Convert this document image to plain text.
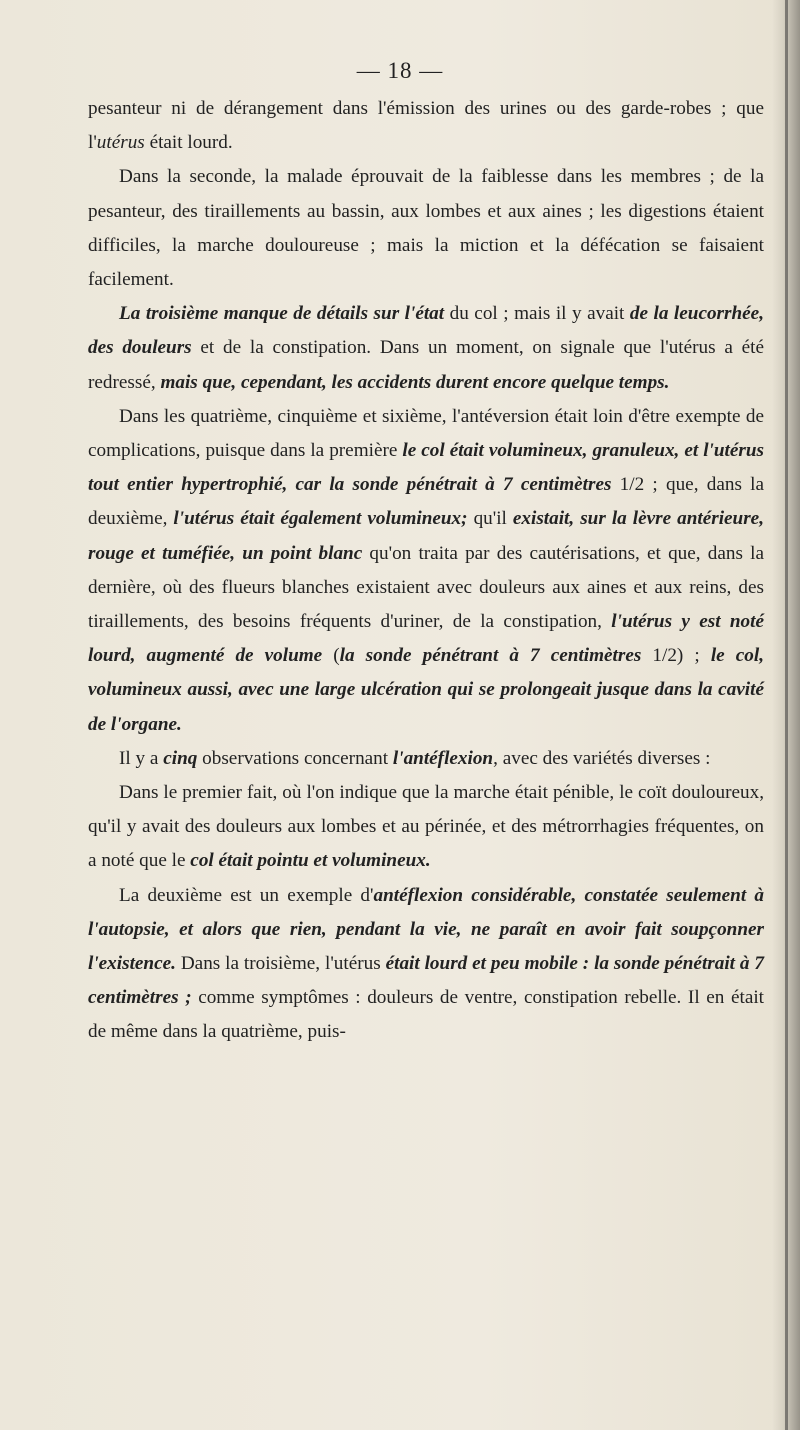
— 18 —

pesanteur ni de dérangement dans l'émission des urines ou des garde-robes ; que l'utérus était lourd.

Dans la seconde, la malade éprouvait de la faiblesse dans les membres ; de la pesanteur, des tiraillements au bassin, aux lombes et aux aines ; les digestions étaient difficiles, la marche douloureuse ; mais la miction et la défécation se faisaient facilement.

La troisième manque de détails sur l'état du col ; mais il y avait de la leucorrhée, des douleurs et de la constipation. Dans un moment, on signale que l'utérus a été redressé, mais que, cependant, les accidents durent encore quelque temps.

Dans les quatrième, cinquième et sixième, l'antéversion était loin d'être exempte de complications, puisque dans la première le col était volumineux, granuleux, et l'utérus tout entier hypertrophié, car la sonde pénétrait à 7 centimètres 1/2 ; que, dans la deuxième, l'utérus était également volumineux; qu'il existait, sur la lèvre antérieure, rouge et tuméfiée, un point blanc qu'on traita par des cautérisations, et que, dans la dernière, où des flueurs blanches existaient avec douleurs aux aines et aux reins, des tiraillements, des besoins fréquents d'uriner, de la constipation, l'utérus y est noté lourd, augmenté de volume (la sonde pénétrant à 7 centimètres 1/2) ; le col, volumineux aussi, avec une large ulcération qui se prolongeait jusque dans la cavité de l'organe.

Il y a cinq observations concernant l'antéflexion, avec des variétés diverses :

Dans le premier fait, où l'on indique que la marche était pénible, le coït douloureux, qu'il y avait des douleurs aux lombes et au périnée, et des métrorrhagies fréquentes, on a noté que le col était pointu et volumineux.

La deuxième est un exemple d'antéflexion considérable, constatée seulement à l'autopsie, et alors que rien, pendant la vie, ne paraît en avoir fait soupçonner l'existence. Dans la troisième, l'utérus était lourd et peu mobile : la sonde pénétrait à 7 centimètres ; comme symptômes : douleurs de ventre, constipation rebelle. Il en était de même dans la quatrième, puis-
